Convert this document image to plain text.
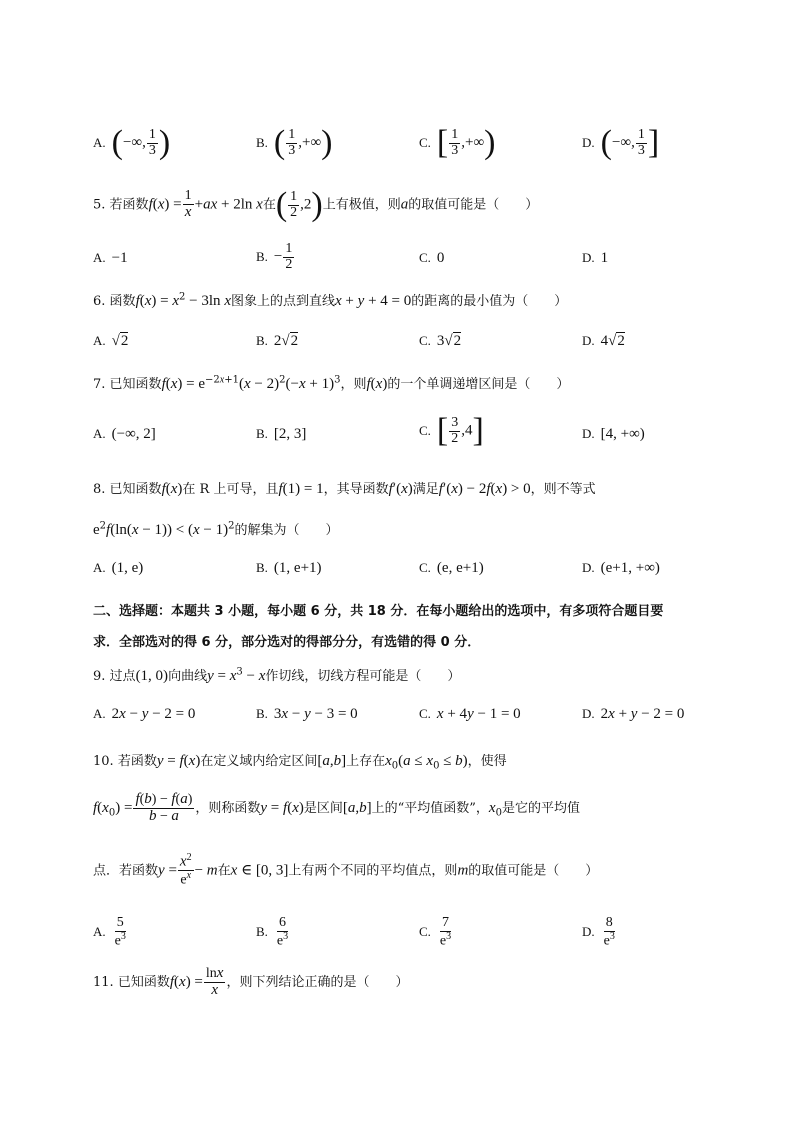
A. (−∞, $\frac{1}{3}$ )	B. ( $\frac{1}{3}$ ,+∞)	C. [ $\frac{1}{3}$ ,+∞)	D. (−∞, $\frac{1}{3}$ ]
5. 若函数$f(x) = \frac{1}{x} +ax + 2\ln$ x在( $\frac{1}{2} ,2$)上有极值，则a的取值可能是（　　）
A. −1	B. − $\frac{1}{2}$	C. 0	D. 1
6. 函数$f(x) = x^2 - 3\ln$ x图象上的点到直线x + y + 4 = 0的距离的最小值为（　　）
A. √2	B. 2√2	C. 3√2	D. 4√2
7. 已知函数$f(x) = e^{-2x+1}(x - 2)^2(-x + 1)^3$，则f(x)的一个单调递增区间是（　　）
A. (−∞, 2]	B. [2, 3]	C. [ $\frac{3}{2} ,4$]	D. [4, +∞)
8. 已知函数f(x)在 R 上可导，且f(1) = 1，其导函数f′(x)满足f′(x) − 2f(x) > 0，则不等式
$e^2f(\ln(x - 1)) < (x - 1)^2$的解集为（　　）
A. (1, e)	B. (1, e+1)	C. (e, e+1)	D. (e+1, +∞)
二、选择题：本题共 3 小题，每小题 6 分，共 18 分．在每小题给出的选项中，有多项符合题目要
求．全部选对的得 6 分，部分选对的得部分分，有选错的得 0 分．
9. 过点(1, 0)向曲线$y = x^3 - x$作切线，切线方程可能是（　　）
A. 2x − y − 2 = 0	B. 3x − y − 3 = 0	C. x + 4y − 1 = 0	D. 2x + y − 2 = 0
10. 若函数y = f(x)在定义域内给定区间[a,b]上存在$x_0(a \le x_0 \le b)$，使得
$f(x_0) = \frac{f(b) - f(a)}{b - a}$ ，则称函数y = f(x)是区间[a,b]上的“平均值函数”，$x_0$是它的平均值
点．若函数$y = \frac{x^2}{e^x} - m$在x ∈ [0, 3]上有两个不同的平均值点，则m的取值可能是（　　）
A. $\frac{5}{e^3}$	B. $\frac{6}{e^3}$	C. $\frac{7}{e^3}$	D. $\frac{8}{e^3}$
11. 已知函数$f(x) = \frac{\ln x}{x}$ ，则下列结论正确的是（　　）
